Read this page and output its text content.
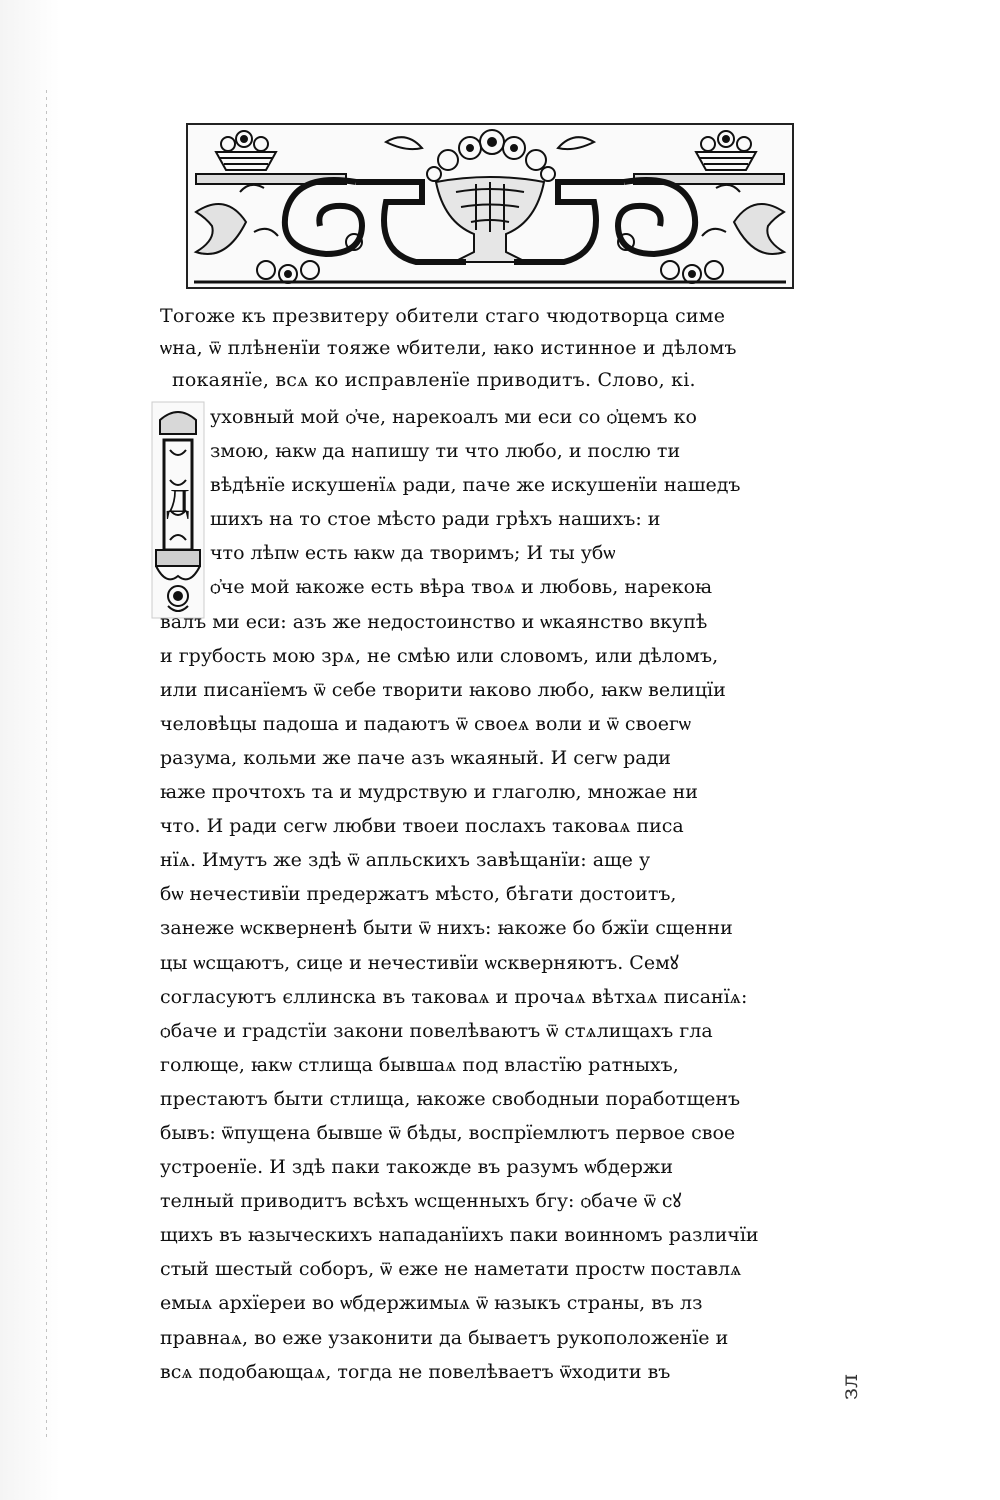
Тогоже къ презвитеру обители стаго чюдотворца симе
ѡна, ѿ плѣненїи тояже ѡбители, ꙗко истинное и дѣломъ
покаянїе, всѧ ко исправленїе приводитъ. Слово, кі.
Д
уховный мой ѻ҆че, нарекоалъ ми еси со ѻ҆цемъ ко
змою, ꙗкѡ да напишу ти что любо, и послю ти
вѣдѣнїе искушенїѧ ради, паче же искушенїи нашедъ
шихъ на то стое мѣсто ради грѣхъ нашихъ: и
что лѣпѡ есть ꙗкѡ да творимъ; И ты убѡ
ѻ҆че мой ꙗкоже есть вѣра твоѧ и любовь, нарекоꙗ
валъ ми еси: азъ же недостоинство и ѡкаянство вкупѣ
и грубость мою зрѧ, не смѣю или словомъ, или дѣломъ,
или писанїемъ ѿ себе творити ꙗково любо, ꙗкѡ велицїи
человѣцы падоша и падаютъ ѿ своеѧ воли и ѿ своегѡ
разума, кольми же паче азъ ѡкаяный. И сегѡ ради
ꙗже прочтохъ та и мудрствую и глаголю, множае ни
что. И ради сегѡ любви твоеи послахъ таковаѧ писа
нїѧ. Имутъ же здѣ ѿ апльскихъ завѣщанїи: аще у
бѡ нечестивїи предержатъ мѣсто, бѣгати достоитъ,
занеже ѡскверненѣ быти ѿ нихъ: ꙗкоже бо бжїи сщенни
цы ѡсщаютъ, сице и нечестивїи ѡскверняютъ. Семꙋ
согласуютъ єллинска въ таковаѧ и прочаѧ вѣтхаѧ писанїѧ:
ѻбаче и градстїи закони повелѣваютъ ѿ стѧлищахъ гла
голюще, ꙗкѡ стлища бывшаѧ под властїю ратныхъ,
престаютъ быти стлища, ꙗкоже свободныи поработщенъ
бывъ: ѿпущена бывше ѿ бѣды, воспрїемлютъ первое свое
устроенїе. И здѣ паки такожде въ разумъ ѡбдержи
телный приводитъ всѣхъ ѡсщенныхъ бгу: ѻбаче ѿ сꙋ
щихъ въ ꙗзыческихъ нападанїихъ паки воинномъ различїи
стый шестый соборъ, ѿ еже не наметати простѡ поставлѧ
емыѧ архїереи во ѡбдержимыѧ ѿ ꙗзыкъ страны, въ лз
правнаѧ, во еже узаконити да бываетъ рукоположенїе и
всѧ подобающаѧ, тогда не повелѣваетъ ѿходити въ
зл
